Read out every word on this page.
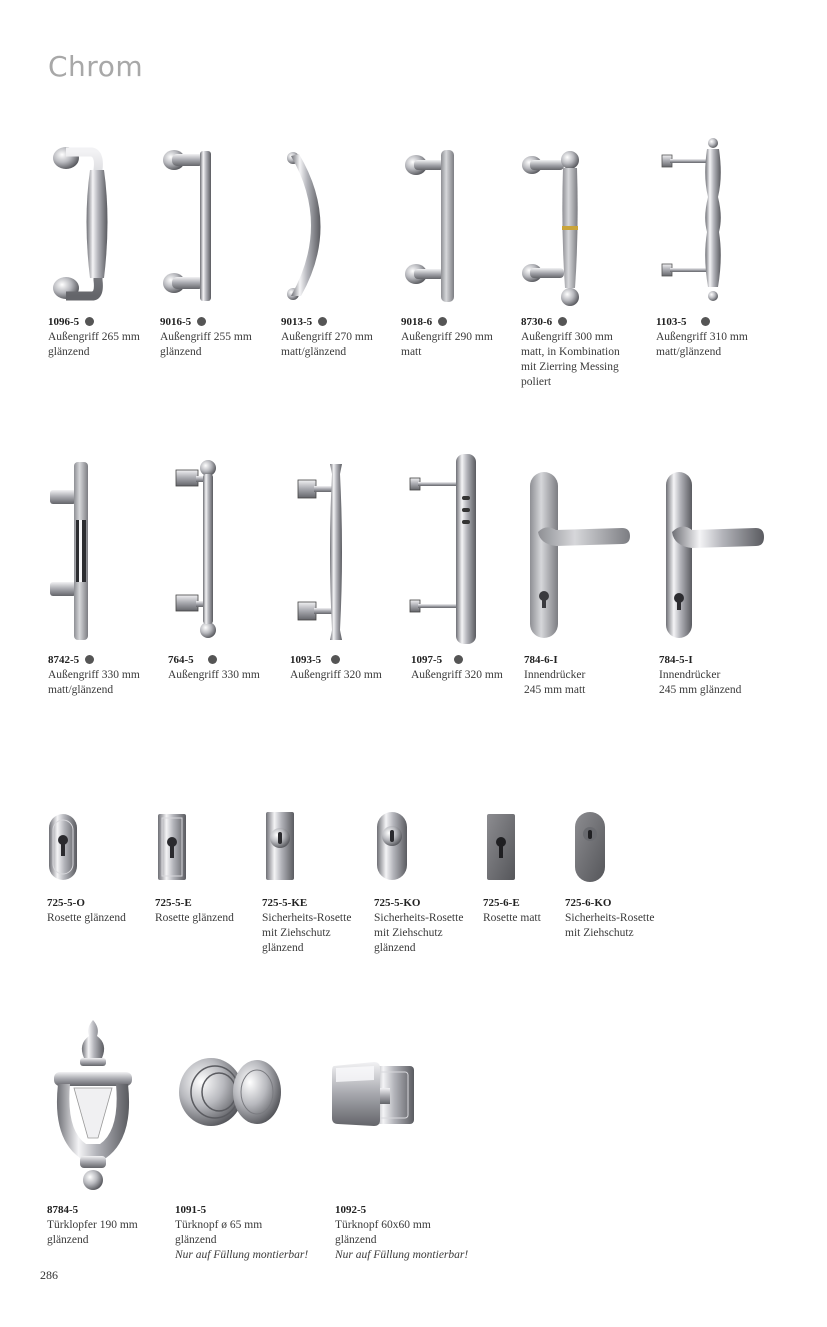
Chrom
1096-5
Außengriff 265 mm
glänzend
9016-5
Außengriff 255 mm
glänzend
9013-5
Außengriff 270 mm
matt/glänzend
9018-6
Außengriff 290 mm
matt
8730-6
Außengriff 300 mm
matt, in Kombination
mit Zierring Messing
poliert
1103-5
Außengriff 310 mm
matt/glänzend
8742-5
Außengriff 330 mm
matt/glänzend
764-5
Außengriff 330 mm
1093-5
Außengriff 320 mm
1097-5
Außengriff 320 mm
784-6-I
Innendrücker
245 mm matt
784-5-I
Innendrücker
245 mm glänzend
725-5-O
Rosette glänzend
725-5-E
Rosette glänzend
725-5-KE
Sicherheits-Rosette
mit Ziehschutz
glänzend
725-5-KO
Sicherheits-Rosette
mit Ziehschutz
glänzend
725-6-E
Rosette matt
725-6-KO
Sicherheits-Rosette
mit Ziehschutz
8784-5
Türklopfer 190 mm
glänzend
1091-5
Türknopf ø 65 mm
glänzend
Nur auf Füllung montierbar!
1092-5
Türknopf 60x60 mm
glänzend
Nur auf Füllung montierbar!
286
